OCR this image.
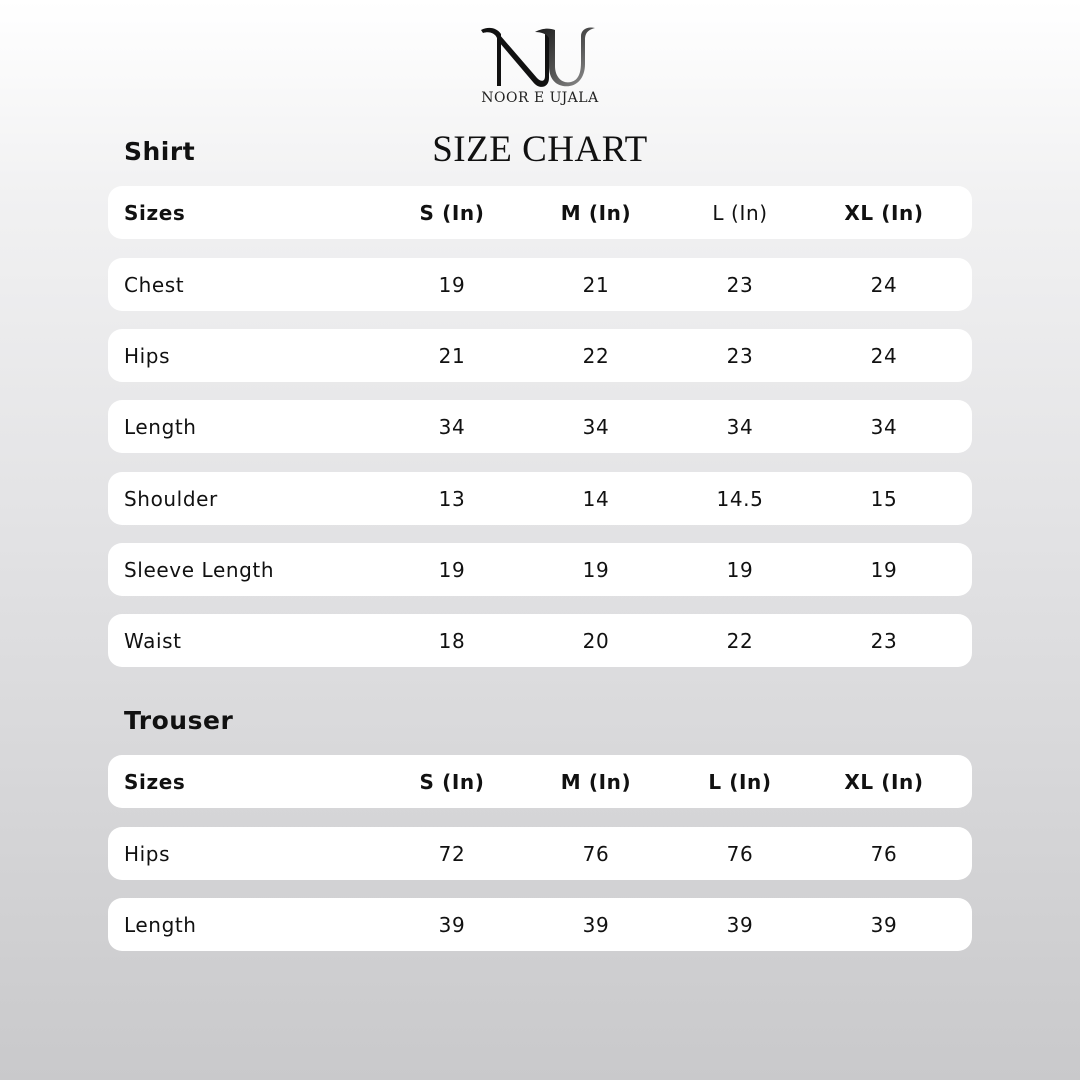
NOOR E UJALA
SIZE CHART
Shirt
Sizes	S (In)	M (In)	L (In)	XL (In)
Chest	19	21	23	24
Hips	21	22	23	24
Length	34	34	34	34
Shoulder	13	14	14.5	15
Sleeve Length	19	19	19	19
Waist	18	20	22	23
Trouser
Sizes	S (In)	M (In)	L (In)	XL (In)
Hips	72	76	76	76
Length	39	39	39	39
